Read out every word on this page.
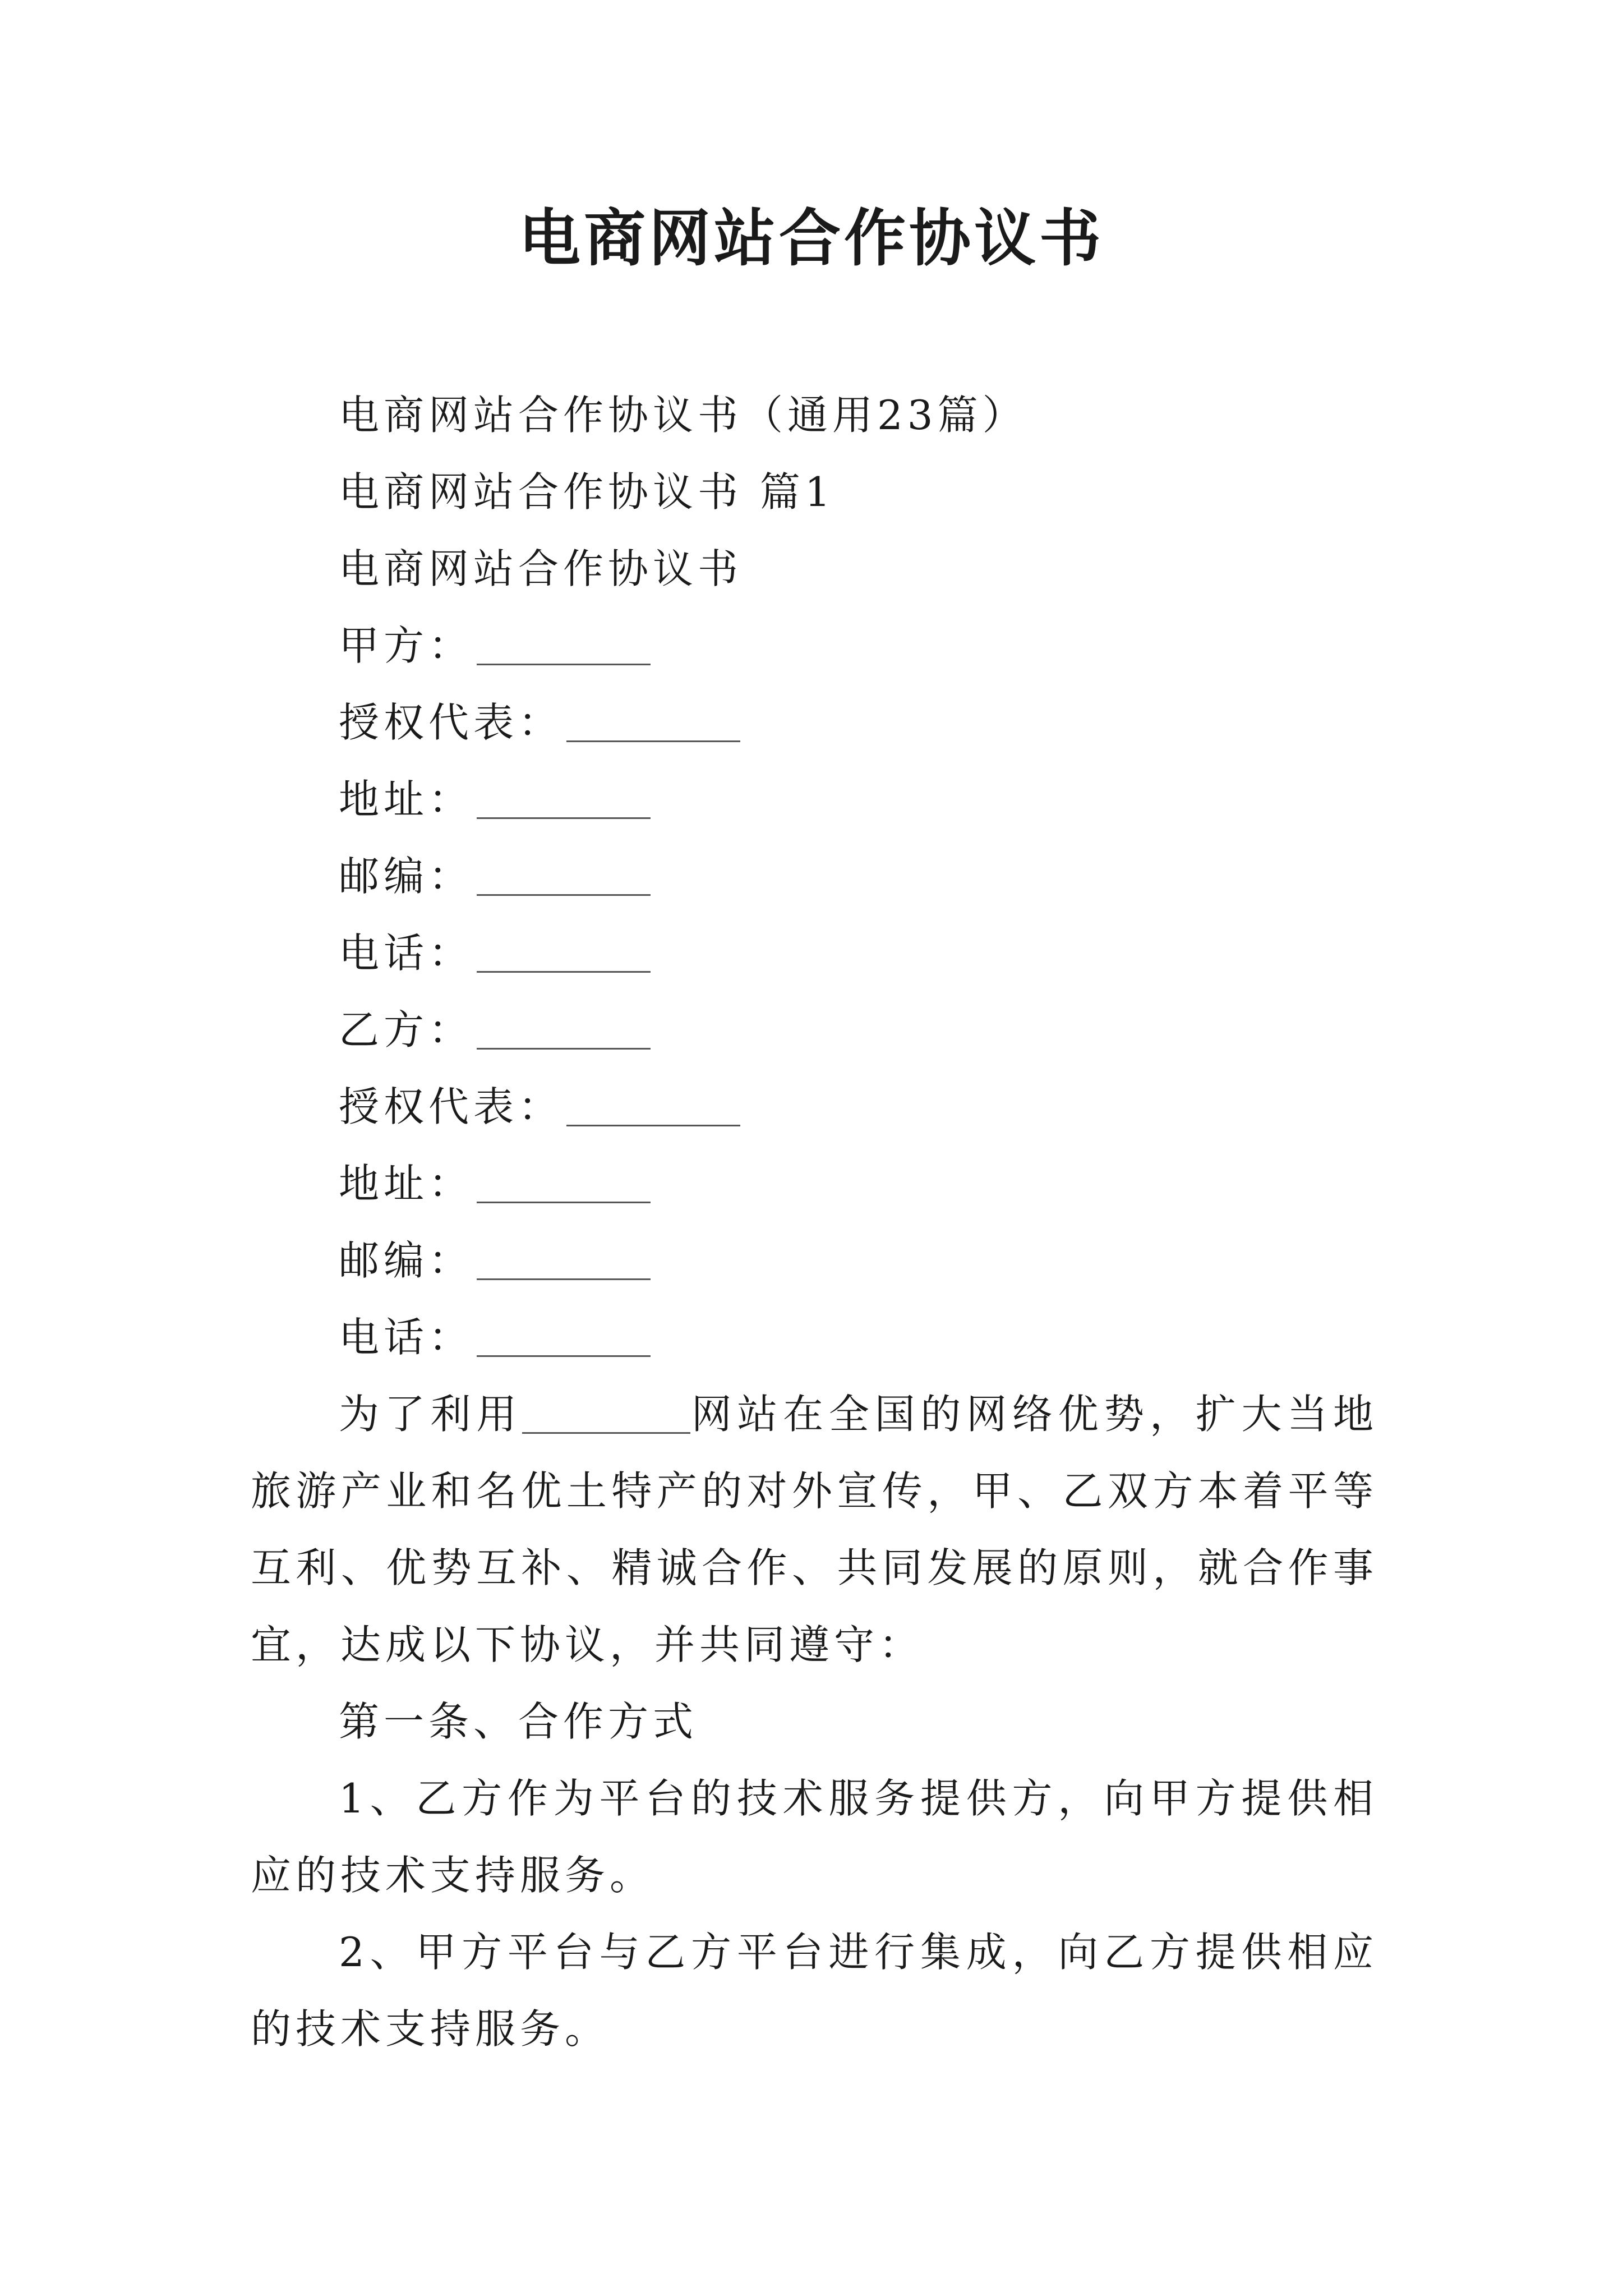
电商网站合作协议书
电商网站合作协议书（通用23篇）
电商网站合作协议书 篇1
电商网站合作协议书
甲方：
授权代表：
地址：
邮编：
电话：
乙方：
授权代表：
地址：
邮编：
电话：
为了利用	网站在全国的网络优势，扩大当地旅游产业和名优土特产的对外宣传，甲、乙双方本着平等互利、优势互补、精诚合作、共同发展的原则，就合作事宜，达成以下协议，并共同遵守：
第一条、合作方式
1、乙方作为平台的技术服务提供方，向甲方提供相应的技术支持服务。
2、甲方平台与乙方平台进行集成，向乙方提供相应的技术支持服务。
